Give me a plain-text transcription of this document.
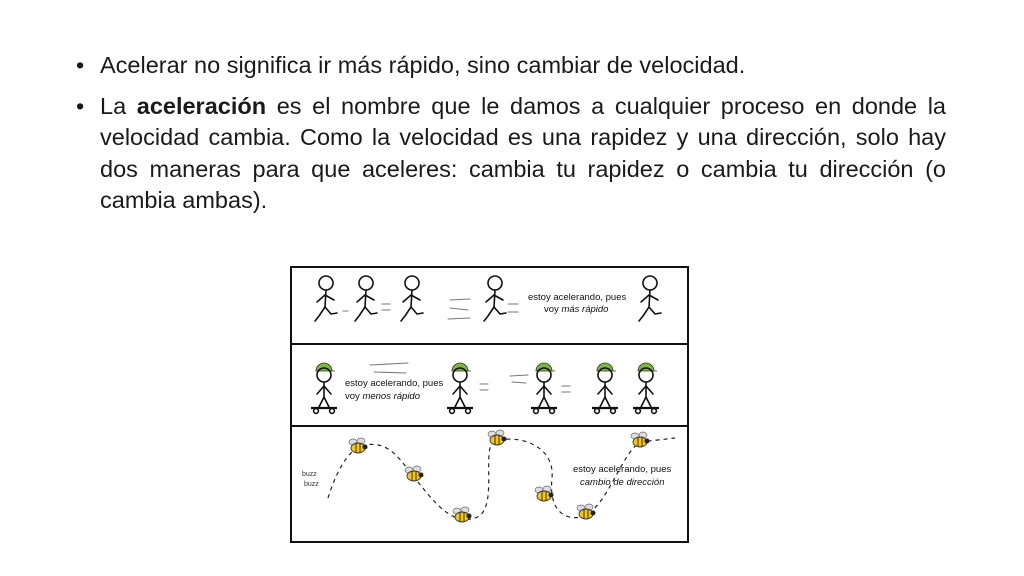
• Acelerar no significa ir más rápido, sino cambiar de velocidad.
• La aceleración es el nombre que le damos a cualquier proceso en donde la velocidad cambia. Como la velocidad es una rapidez y una dirección, solo hay dos maneras para que aceleres: cambia tu rapidez o cambia tu dirección (o cambia ambas).
estoy acelerando, pues
voy más rápido
estoy acelerando, pues
voy menos rápido
buzz
buzz
estoy acelerando, pues
cambio de dirección
